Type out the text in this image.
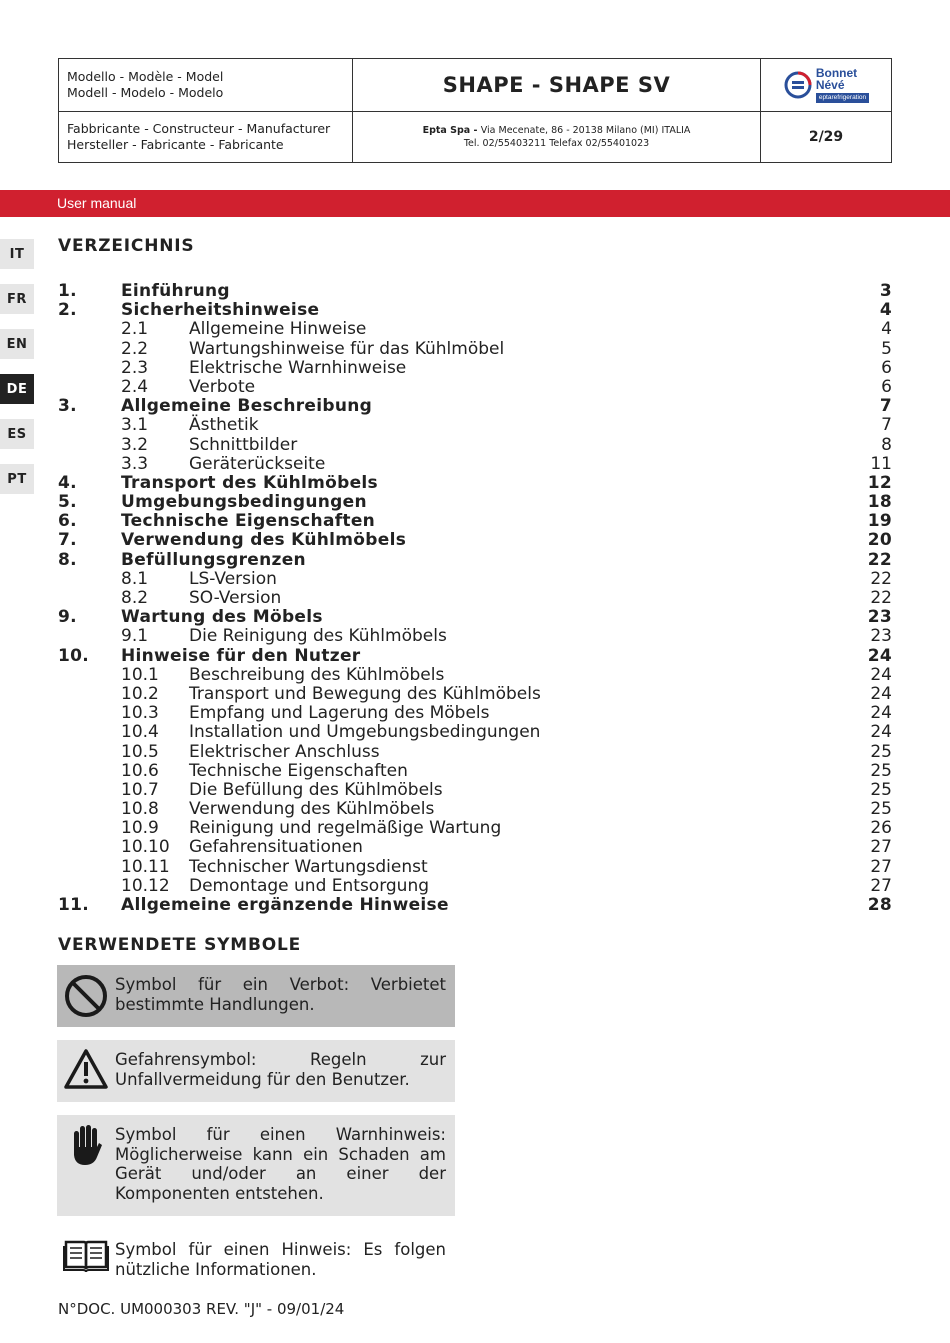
Modello - Modèle - Model
Modell - Modelo - Modelo	SHAPE - SHAPE SV	Bonnet
Névé
eptarefrigeration
Fabbricante - Constructeur - Manufacturer
Hersteller - Fabricante - Fabricante
Epta Spa - Via Mecenate, 86 - 20138 Milano (MI) ITALIA
Tel. 02/55403211 Telefax 02/55401023	2/29
User manual
IT
FR
EN
DE
ES
PT
VERZEICHNIS
1.	Einführung	3
2.	Sicherheitshinweise	4
2.1 Allgemeine Hinweise	4
2.2 Wartungshinweise für das Kühlmöbel	5
2.3 Elektrische Warnhinweise	6
2.4 Verbote	6
3.	Allgemeine Beschreibung	7
3.1 Ästhetik	7
3.2 Schnittbilder	8
3.3 Geräterückseite	11
4.	Transport des Kühlmöbels	12
5.	Umgebungsbedingungen	18
6.	Technische Eigenschaften	19
7.	Verwendung des Kühlmöbels	20
8.	Befüllungsgrenzen	22
8.1 LS-Version	22
8.2 SO-Version	22
9.	Wartung des Möbels	23
9.1 Die Reinigung des Kühlmöbels	23
10. Hinweise für den Nutzer	24
10.1 Beschreibung des Kühlmöbels	24
10.2 Transport und Bewegung des Kühlmöbels	24
10.3 Empfang und Lagerung des Möbels	24
10.4 Installation und Umgebungsbedingungen	24
10.5 Elektrischer Anschluss	25
10.6 Technische Eigenschaften	25
10.7 Die Befüllung des Kühlmöbels	25
10.8 Verwendung des Kühlmöbels	25
10.9 Reinigung und regelmäßige Wartung	26
10.10 Gefahrensituationen	27
10.11 Technischer Wartungsdienst	27
10.12 Demontage und Entsorgung	27
11. Allgemeine ergänzende Hinweise	28
VERWENDETE SYMBOLE
Symbol für ein Verbot: Verbietet bestimmte Handlungen.
Gefahrensymbol: Regeln zur Unfallvermeidung für den Benutzer.
Symbol für einen Warnhinweis: Möglicherweise kann ein Schaden am Gerät und/oder an einer der Komponenten entstehen.
Symbol für einen Hinweis: Es folgen nützliche Informationen.
N°DOC. UM000303 REV. "J" - 09/01/24
